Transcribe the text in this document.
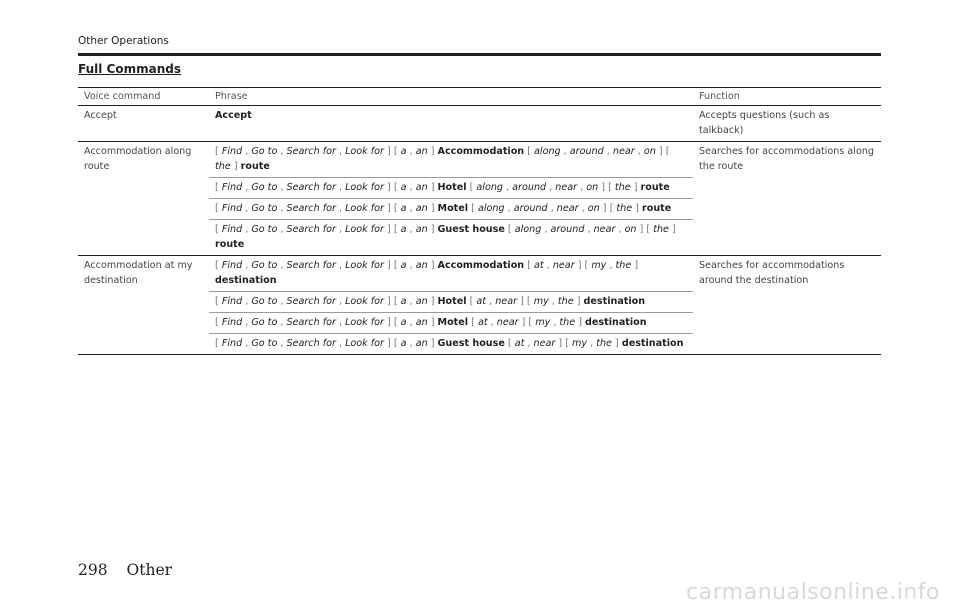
Other Operations
Full Commands
Voice command	Phrase	Function
Accept	Accept	Accepts questions (such as talkback)
Accommodation along route	[ Find , Go to , Search for , Look for ] [ a , an ] Accommodation [ along , around , near , on ] [ the ] route	Searches for accommodations along the route
	[ Find , Go to , Search for , Look for ] [ a , an ] Hotel [ along , around , near , on ] [ the ] route	
	[ Find , Go to , Search for , Look for ] [ a , an ] Motel [ along , around , near , on ] [ the ] route	
	[ Find , Go to , Search for , Look for ] [ a , an ] Guest house [ along , around , near , on ] [ the ] route	
Accommodation at my destination	[ Find , Go to , Search for , Look for ] [ a , an ] Accommodation [ at , near ] [ my , the ] destination	Searches for accommodations around the destination
	[ Find , Go to , Search for , Look for ] [ a , an ] Hotel [ at , near ] [ my , the ] destination	
	[ Find , Go to , Search for , Look for ] [ a , an ] Motel [ at , near ] [ my , the ] destination	
	[ Find , Go to , Search for , Look for ] [ a , an ] Guest house [ at , near ] [ my , the ] destination	
298 Other
carmanualsonline.info
